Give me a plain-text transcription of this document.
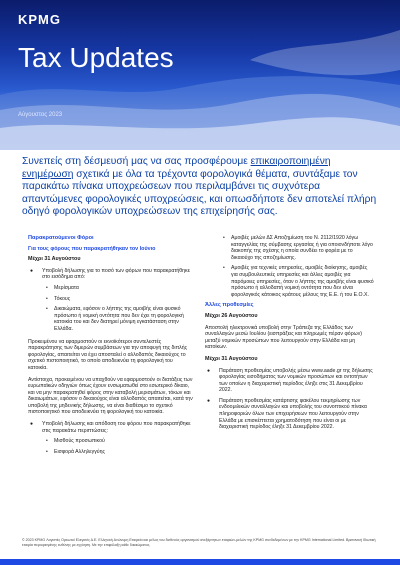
KPMG
Tax Updates
Αύγουστος 2023
Συνεπείς στη δέσμευσή μας να σας προσφέρουμε επικαιροποιημένη ενημέρωση σχετικά με όλα τα τρέχοντα φορολογικά θέματα, συντάξαμε τον παρακάτω πίνακα υποχρεώσεων που περιλαμβάνει τις συχνότερα απαντώμενες φορολογικές υποχρεώσεις, και οπωσδήποτε δεν αποτελεί πλήρη οδηγό φορολογικών υποχρεώσεων της επιχείρησής σας.
Παρακρατούμενοι Φόροι
Για τους φόρους που παρακρατήθηκαν τον Ιούνιο
Μέχρι 31 Αυγούστου
● Υποβολή δήλωσης για το ποσό των φόρων που παρακρατήθηκε στο εισόδημα από:
• Μερίσματα
• Τόκους
• Δικαιώματα, εφόσον ο λήπτης της αμοιβής είναι φυσικό πρόσωπο ή νομική οντότητα που δεν έχει τη φορολογική κατοικία του και δεν διατηρεί μόνιμη εγκατάσταση στην Ελλάδα.

Προκειμένου να εφαρμοστούν οι εκνοϊκότεροι συντελεστές παρακράτησης των διμερών συμβάσεων για την αποφυγή της διπλής φορολογίας, απαιτείται να έχει αποσταλεί ο αλλοδαπός δικαιούχος το σχετικό πιστοποιητικό, το οποίο αποδεικνύει τη φορολογική του κατοικία.

Αντίστοιχα, προκειμένου να υπαχθούν να εφαρμοστούν οι διατάξεις των ευρωπαϊκών οδηγιών όπως έχουν ενσωματωθεί στο εσωτερικό δίκαιο, και να μην παρακρατηθεί φόρος στην καταβολή μερισμάτων, τόκων και δικαιωμάτων, εφόσον ο δικαιούχος είναι αλλοδαπός απαιτείται, κατά την υποβολή της μηδενικής δήλωσης, να είναι διαθέσιμο το σχετικό πιστοποιητικό που αποδεικνύει τη φορολογική του κατοικία.

● Υποβολή δήλωσης και απόδοση του φόρου που παρακρατήθηκε στις παρακάτω περιπτώσεις:
• Μισθούς προσωπικού
• Εισφορά Αλληλεγγύης
• Αμοιβές μελών ΔΣ Αποζημίωση του Ν. 2112/1920 λόγω καταγγελίας της σύμβασης εργασίας ή για οποιονδήποτε λόγο διακοπής της σχέσης η οποία συνδέει το φορέα με το δικαιούχο της αποζημίωσης.
• Αμοιβές για τεχνικές υπηρεσίες, αμοιβές διοίκησης, αμοιβές για συμβουλευτικές υπηρεσίες και άλλες αμοιβές για παρόμοιες υπηρεσίες, όταν ο λήπτης της αμοιβής είναι φυσικό πρόσωπο ή αλλοδαπή νομική οντότητα που δεν είναι φορολογικός κάτοικος κράτους μέλους της Ε.Ε. ή του Ε.Ο.Χ.
Άλλες προθεσμίες
Μέχρι 26 Αυγούστου

Αποστολή ηλεκτρονικά υποβολή στην Τράπεζα της Ελλάδος των συναλλαγών μεσώ Ιουλίου (εισπράξεις και πληρωμές πέραν φόρων) μεταξύ νομικών προσώπων που λειτουργούν στην Ελλάδα και μη κατοίκων.

Μέχρι 31 Αυγούστου
● Παράταση προθεσμίας υποβολής μέσω www.aade.gr της δήλωσης φορολογίας εισοδήματος των νομικών προσώπων και οντοτήτων των οποίων η διαχειριστική περίοδος έληξε στις 31 Δεκεμβρίου 2022.
● Παράταση προθεσμίας κατάρτισης φακέλου τεκμηρίωσης των ενδοομιλικών συναλλαγών και υποβολής του συνοπτικού πίνακα πληροφοριών όλων των επιχειρήσεων που λειτουργούν στην Ελλάδα με επισκέπτεται χρηματοδότηση που είναι οι με διαχειριστική περίοδος έληξε 31 Δεκεμβρίου 2022.
© 2023 KPMG Λογιστές Ορκωτοί Ελεγκτές Α.Ε. Ελληνική Ανώνυμη Εταιρεία και μέλος του διεθνούς οργανισμού ανεξάρτητων εταιριών-μελών της KPMG συνδεδεμένων με την KPMG International Limited. Βρετανική Ιδιωτική εταιρία περιορισμένης ευθύνης με εγγύηση. Με την επιφύλαξη κάθε δικαιώματος.
